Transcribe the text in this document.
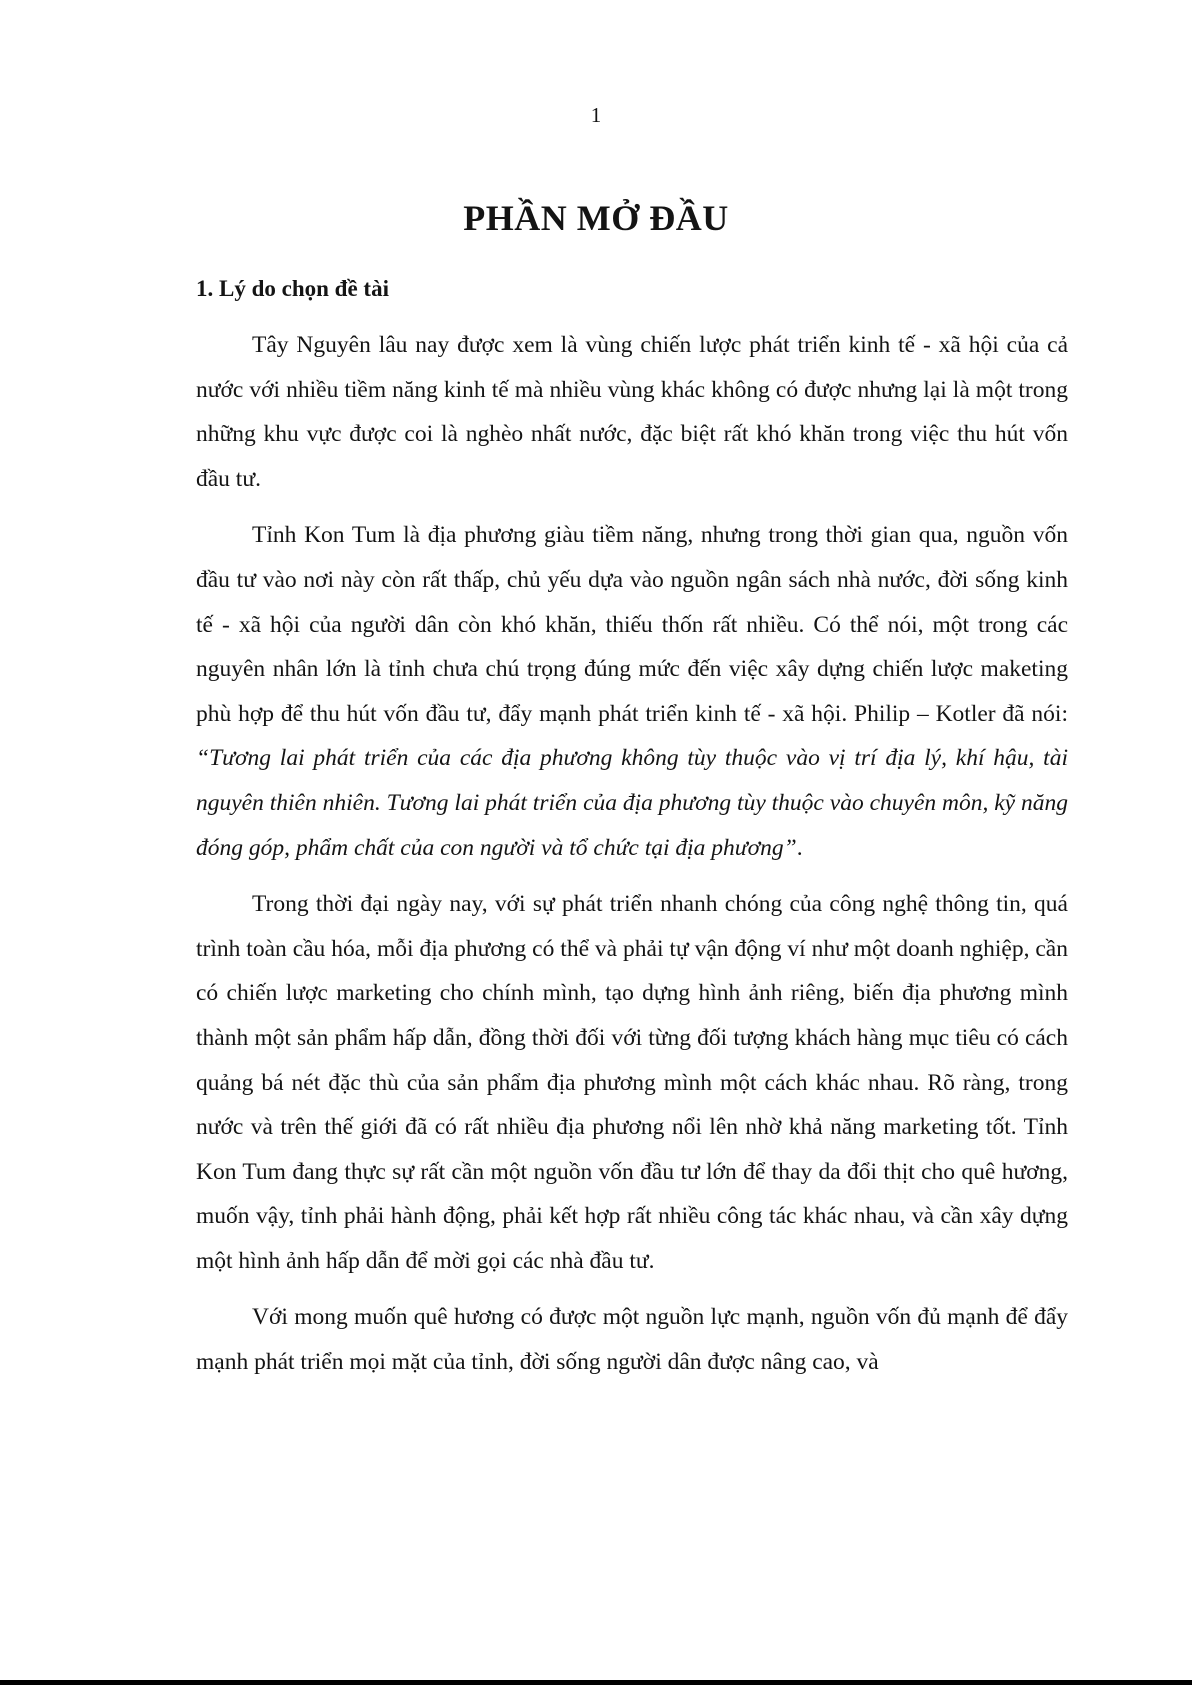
1
PHẦN MỞ ĐẦU
1. Lý do chọn đề tài

Tây Nguyên lâu nay được xem là vùng chiến lược phát triển kinh tế - xã hội của cả nước với nhiều tiềm năng kinh tế mà nhiều vùng khác không có được nhưng lại là một trong những khu vực được coi là nghèo nhất nước, đặc biệt rất khó khăn trong việc thu hút vốn đầu tư.

Tỉnh Kon Tum là địa phương giàu tiềm năng, nhưng trong thời gian qua, nguồn vốn đầu tư vào nơi này còn rất thấp, chủ yếu dựa vào nguồn ngân sách nhà nước, đời sống kinh tế - xã hội của người dân còn khó khăn, thiếu thốn rất nhiều. Có thể nói, một trong các nguyên nhân lớn là tỉnh chưa chú trọng đúng mức đến việc xây dựng chiến lược maketing phù hợp để thu hút vốn đầu tư, đẩy mạnh phát triển kinh tế - xã hội. Philip – Kotler đã nói: “Tương lai phát triển của các địa phương không tùy thuộc vào vị trí địa lý, khí hậu, tài nguyên thiên nhiên. Tương lai phát triển của địa phương tùy thuộc vào chuyên môn, kỹ năng đóng góp, phẩm chất của con người và tổ chức tại địa phương”.

Trong thời đại ngày nay, với sự phát triển nhanh chóng của công nghệ thông tin, quá trình toàn cầu hóa, mỗi địa phương có thể và phải tự vận động ví như một doanh nghiệp, cần có chiến lược marketing cho chính mình, tạo dựng hình ảnh riêng, biến địa phương mình thành một sản phẩm hấp dẫn, đồng thời đối với từng đối tượng khách hàng mục tiêu có cách quảng bá nét đặc thù của sản phẩm địa phương mình một cách khác nhau. Rõ ràng, trong nước và trên thế giới đã có rất nhiều địa phương nổi lên nhờ khả năng marketing tốt. Tỉnh Kon Tum đang thực sự rất cần một nguồn vốn đầu tư lớn để thay da đổi thịt cho quê hương, muốn vậy, tỉnh phải hành động, phải kết hợp rất nhiều công tác khác nhau, và cần xây dựng một hình ảnh hấp dẫn để mời gọi các nhà đầu tư.

Với mong muốn quê hương có được một nguồn lực mạnh, nguồn vốn đủ mạnh để đẩy mạnh phát triển mọi mặt của tỉnh, đời sống người dân được nâng cao, và
